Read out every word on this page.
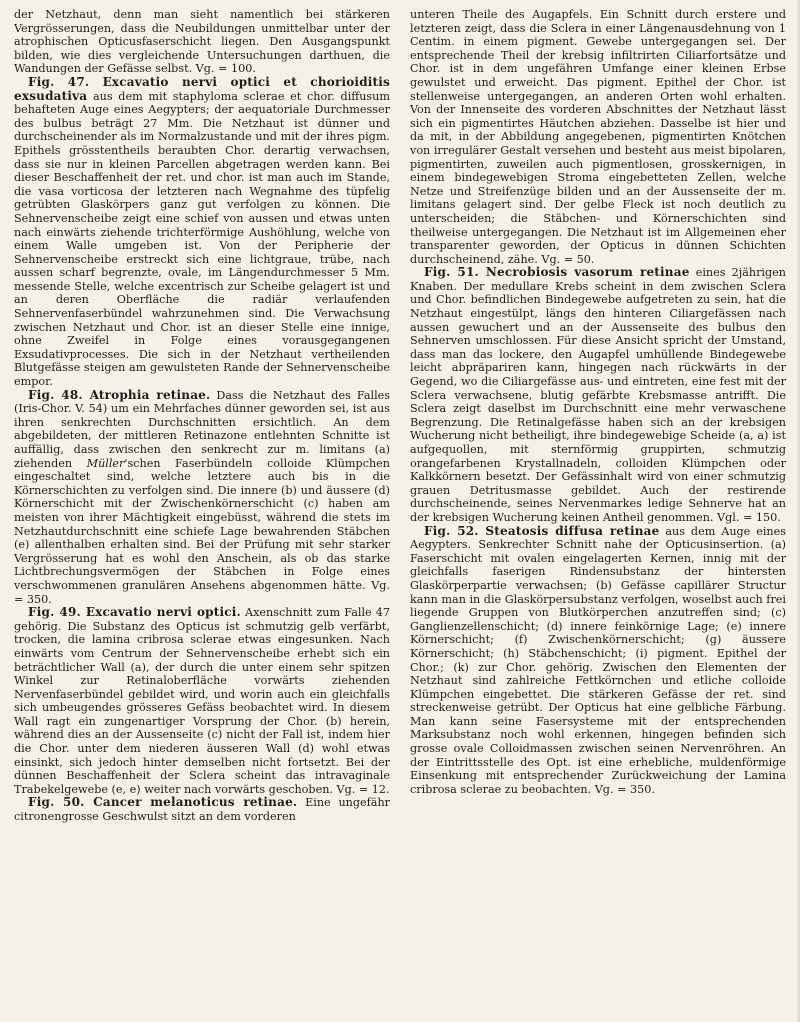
der Netzhaut, denn man sieht namentlich bei stärkeren Vergrösserungen, dass die Neubildungen unmittelbar unter der atrophischen Opticusfaserschicht liegen. Den Ausgangspunkt bilden, wie dies vergleichende Untersuchungen darthuen, die Wandungen der Gefässe selbst. Vg. = 100.

Fig. 47. Excavatio nervi optici et chorioiditis exsudativa aus dem mit staphyloma sclerae et chor. diffusum behafteten Auge eines Aegypters; der aequatoriale Durchmesser des bulbus beträgt 27 Mm. Die Netzhaut ist dünner und durchscheinender als im Normalzustande und mit der ihres pigm. Epithels grösstentheils beraubten Chor. derartig verwachsen, dass sie nur in kleinen Parcellen abgetragen werden kann. Bei dieser Beschaffenheit der ret. und chor. ist man auch im Stande, die vasa vorticosa der letzteren nach Wegnahme des tüpfelig getrübten Glaskörpers ganz gut verfolgen zu können. Die Sehnervenscheibe zeigt eine schief von aussen und etwas unten nach einwärts ziehende trichterförmige Aushöhlung, welche von einem Walle umgeben ist. Von der Peripherie der Sehnervenscheibe erstreckt sich eine lichtgraue, trübe, nach aussen scharf begrenzte, ovale, im Längendurchmesser 5 Mm. messende Stelle, welche excentrisch zur Scheibe gelagert ist und an deren Oberfläche die radiär verlaufenden Sehnervenfaserbündel wahrzunehmen sind. Die Verwachsung zwischen Netzhaut und Chor. ist an dieser Stelle eine innige, ohne Zweifel in Folge eines vorausgegangenen Exsudativprocesses. Die sich in der Netzhaut vertheilenden Blutgefässe steigen am gewulsteten Rande der Sehnervenscheibe empor.

Fig. 48. Atrophia retinae. Dass die Netzhaut des Falles (Iris-Chor. V. 54) um ein Mehrfaches dünner geworden sei, ist aus ihren senkrechten Durchschnitten ersichtlich. An dem abgebildeten, der mittleren Retinazone entlehnten Schnitte ist auffällig, dass zwischen den senkrecht zur m. limitans (a) ziehenden Müller'schen Faserbündeln colloide Klümpchen eingeschaltet sind, welche letztere auch bis in die Körnerschichten zu verfolgen sind. Die innere (b) und äussere (d) Körnerschicht mit der Zwischenkörnerschicht (c) haben am meisten von ihrer Mächtigkeit eingebüsst, während die stets im Netzhautdurchschnitt eine schiefe Lage bewahrenden Stäbchen (e) allenthalben erhalten sind. Bei der Prüfung mit sehr starker Vergrösserung hat es wohl den Anschein, als ob das starke Lichtbrechungsvermögen der Stäbchen in Folge eines verschwommenen granulären Ansehens abgenommen hätte. Vg. = 350.

Fig. 49. Excavatio nervi optici. Axenschnitt zum Falle 47 gehörig. Die Substanz des Opticus ist schmutzig gelb verfärbt, trocken, die lamina cribrosa sclerae etwas eingesunken. Nach einwärts vom Centrum der Sehnervenscheibe erhebt sich ein beträchtlicher Wall (a), der durch die unter einem sehr spitzen Winkel zur Retinaloberfläche vorwärts ziehenden Nervenfaserbündel gebildet wird, und worin auch ein gleichfalls sich umbeugendes grösseres Gefäss beobachtet wird. In diesem Wall ragt ein zungenartiger Vorsprung der Chor. (b) herein, während dies an der Aussenseite (c) nicht der Fall ist, indem hier die Chor. unter dem niederen äusseren Wall (d) wohl etwas einsinkt, sich jedoch hinter demselben nicht fortsetzt. Bei der dünnen Beschaffenheit der Sclera scheint das intravaginale Trabekelgewebe (e, e) weiter nach vorwärts geschoben. Vg. = 12.

Fig. 50. Cancer melanoticus retinae. Eine ungefähr citronengrosse Geschwulst sitzt an dem vorderen

unteren Theile des Augapfels. Ein Schnitt durch erstere und letzteren zeigt, dass die Sclera in einer Längenausdehnung von 1 Centim. in einem pigment. Gewebe untergegangen sei. Der entsprechende Theil der krebsig infiltrirten Ciliarfortsätze und Chor. ist in dem ungefähren Umfange einer kleinen Erbse gewulstet und erweicht. Das pigment. Epithel der Chor. ist stellenweise untergegangen, an anderen Orten wohl erhalten. Von der Innenseite des vorderen Abschnittes der Netzhaut lässt sich ein pigmentirtes Häutchen abziehen. Dasselbe ist hier und da mit, in der Abbildung angegebenen, pigmentirten Knötchen von irregulärer Gestalt versehen und besteht aus meist bipolaren, pigmentirten, zuweilen auch pigmentlosen, grosskernigen, in einem bindegewebigen Stroma eingebetteten Zellen, welche Netze und Streifenzüge bilden und an der Aussenseite der m. limitans gelagert sind. Der gelbe Fleck ist noch deutlich zu unterscheiden; die Stäbchen- und Körnerschichten sind theilweise untergegangen. Die Netzhaut ist im Allgemeinen eher transparenter geworden, der Opticus in dünnen Schichten durchscheinend, zähe. Vg. = 50.

Fig. 51. Necrobiosis vasorum retinae eines 2jährigen Knaben. Der medullare Krebs scheint in dem zwischen Sclera und Chor. befindlichen Bindegewebe aufgetreten zu sein, hat die Netzhaut eingestülpt, längs den hinteren Ciliargefässen nach aussen gewuchert und an der Aussenseite des bulbus den Sehnerven umschlossen. Für diese Ansicht spricht der Umstand, dass man das lockere, den Augapfel umhüllende Bindegewebe leicht abpräpariren kann, hingegen nach rückwärts in der Gegend, wo die Ciliargefässe aus- und eintreten, eine fest mit der Sclera verwachsene, blutig gefärbte Krebsmasse antrifft. Die Sclera zeigt daselbst im Durchschnitt eine mehr verwaschene Begrenzung. Die Retinalgefässe haben sich an der krebsigen Wucherung nicht betheiligt, ihre bindegewebige Scheide (a, a) ist aufgequollen, mit sternförmig gruppirten, schmutzig orangefarbenen Krystallnadeln, colloiden Klümpchen oder Kalkkörnern besetzt. Der Gefässinhalt wird von einer schmutzig grauen Detritusmasse gebildet. Auch der restirende durchscheinende, seines Nervenmarkes ledige Sehnerve hat an der krebsigen Wucherung keinen Antheil genommen. Vgl. = 150.

Fig. 52. Steatosis diffusa retinae aus dem Auge eines Aegypters. Senkrechter Schnitt nahe der Opticusinsertion. (a) Faserschicht mit ovalen eingelagerten Kernen, innig mit der gleichfalls faserigen Rindensubstanz der hintersten Glaskörperpartie verwachsen; (b) Gefässe capillärer Structur kann man in die Glaskörpersubstanz verfolgen, woselbst auch frei liegende Gruppen von Blutkörperchen anzutreffen sind; (c) Ganglienzellenschicht; (d) innere feinkörnige Lage; (e) innere Körnerschicht; (f) Zwischenkörnerschicht; (g) äussere Körnerschicht; (h) Stäbchenschicht; (i) pigment. Epithel der Chor.; (k) zur Chor. gehörig. Zwischen den Elementen der Netzhaut sind zahlreiche Fettkörnchen und etliche colloide Klümpchen eingebettet. Die stärkeren Gefässe der ret. sind streckenweise getrübt. Der Opticus hat eine gelbliche Färbung. Man kann seine Fasersysteme mit der entsprechenden Marksubstanz noch wohl erkennen, hingegen befinden sich grosse ovale Colloidmassen zwischen seinen Nervenröhren. An der Eintrittsstelle des Opt. ist eine erhebliche, muldenförmige Einsenkung mit entsprechender Zurückweichung der Lamina cribrosa sclerae zu beobachten. Vg. = 350.
